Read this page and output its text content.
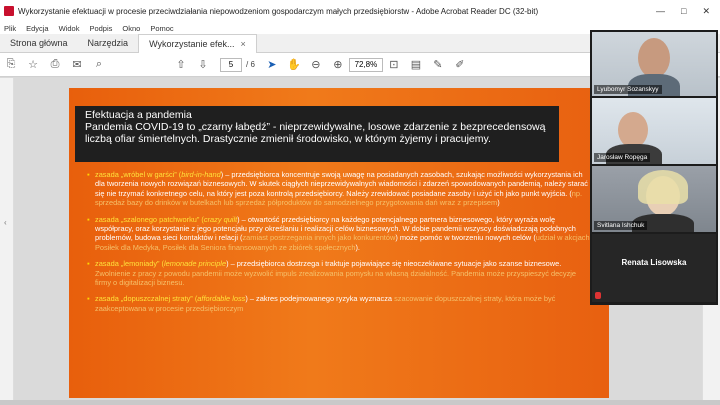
Wykorzystanie efektuacji w procesie przeciwdziałania niepowodzeniom gospodarczym małych przedsiębiorstw - Adobe Acrobat Reader DC (32-bit)	— □ ✕
Plik Edycja Widok Podpis Okno Pomoc
Strona główna	Narzędzia	Wykorzystanie efek... ×
⎘	☆	⎙	✉	⌕	⇧	⇩
5	/ 6	➤ ✋ ⊖	⊕
72,8%	⊡	▤	✎	✐
‹
Efektuacja a pandemia
Pandemia COVID-19 to „czarny łabędź” - nieprzewidywalne, losowe zdarzenie z bezprecedensową liczbą ofiar śmiertelnych. Drastycznie zmienił środowisko, w którym żyjemy i pracujemy.
▪ zasada „wróbel w garści” (bird-in-hand) – przedsiębiorca koncentruje swoją uwagę na posiadanych zasobach, szukając możliwości wykorzystania ich dla tworzenia nowych rozwiązań biznesowych. W skutek ciągłych nieprzewidywalnych wiadomości i zdarzeń spowodowanych pandemią, należy starać się nie trzymać konkretnego celu, na który jest poza kontrolą przedsiębiorcy. Należy zrewidować posiadane zasoby i użyć ich jako punkt wyjścia. (np. sprzedaż bazy do drinków w butelkach lub sprzedaż półproduktów do samodzielnego przygotowania dań wraz z przepisem)
▪ zasada „szalonego patchworku” (crazy quilt) – otwartość przedsiębiorcy na każdego potencjalnego partnera biznesowego, który wyraża wolę współpracy, oraz korzystanie z jego potencjału przy określaniu i realizacji celów biznesowych. W dobie pandemii wszyscy doświadczają podobnych problemów, budowa sieci kontaktów i relacji (zamiast postrzegania innych jako konkurentów) może pomóc w tworzeniu nowych celów (udział w akcjach Posiłek dla Medyka, Posiłek dla Seniora finansowanych ze zbiórek społecznych).
▪ zasada „lemoniady” (lemonade principle) – przedsiębiorca dostrzega i traktuje pojawiające się nieoczekiwane sytuacje jako szanse biznesowe. Zwolnienie z pracy z powodu pandemii może wyzwolić impuls zrealizowania pomysłu na własną działalność. Pandemia może przyspieszyć decyzje firmy o digitalizacji biznesu.
▪ zasada „dopuszczalnej straty” (affordable loss) – zakres podejmowanego ryzyka wyznacza szacowanie dopuszczalnej straty, która może być zaakceptowana w procesie przedsiębiorczym
Lyubomyr Sozanskyy
Jarosław Ropęga
Svitlana Ishchuk
Renata Lisowska
